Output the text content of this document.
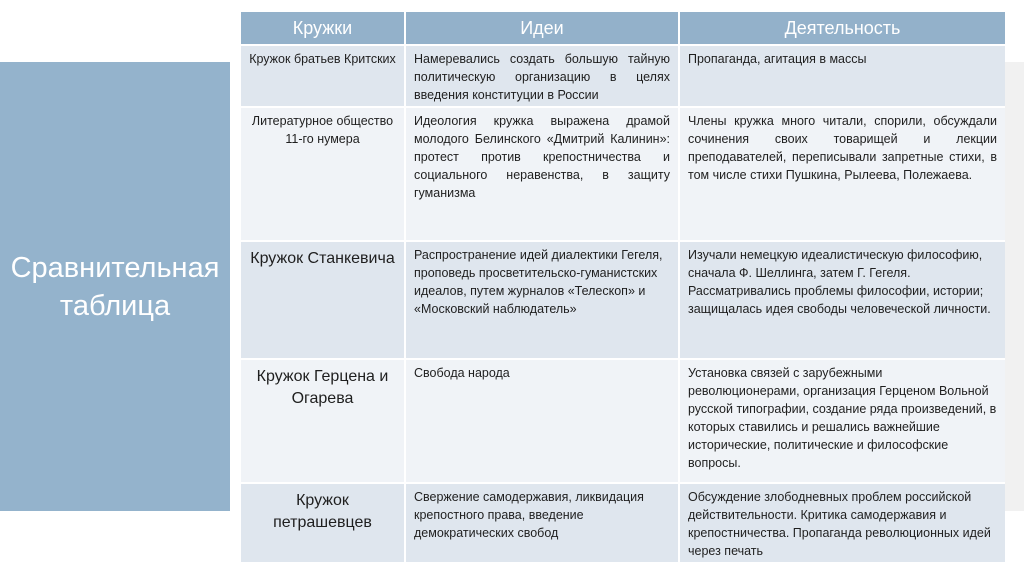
Сравнительная таблица
Кружки	Идеи	Деятельность
Кружок братьев Критских	Намеревались создать большую тайную политическую организацию в целях введения конституции в России	Пропаганда, агитация в массы
Литературное общество 11-го нумера	Идеология кружка выражена драмой молодого Белинского «Дмитрий Калинин»: протест против крепостничества и социального неравенства, в защиту гуманизма	Члены кружка много читали, спорили, обсуждали сочинения своих товарищей и лекции преподавателей, переписывали запретные стихи, в том числе стихи Пушкина, Рылеева, Полежаева.
Кружок Станкевича	Распространение идей диалектики Гегеля, проповедь просветительско-гуманистских идеалов, путем журналов «Телескоп» и «Московский наблюдатель»	Изучали немецкую идеалистическую философию, сначала Ф. Шеллинга, затем Г. Гегеля. Рассматривались проблемы философии, истории; защищалась идея свободы человеческой личности.
Кружок Герцена и Огарева	Свобода народа	Установка связей с зарубежными революционерами, организация Герценом Вольной русской типографии, создание ряда произведений, в которых ставились и решались важнейшие исторические, политические и философские вопросы.
Кружок петрашевцев	Свержение самодержавия, ликвидация крепостного права, введение демократических свобод	Обсуждение злободневных проблем российской действительности. Критика самодержавия и крепостничества. Пропаганда революционных идей через печать
